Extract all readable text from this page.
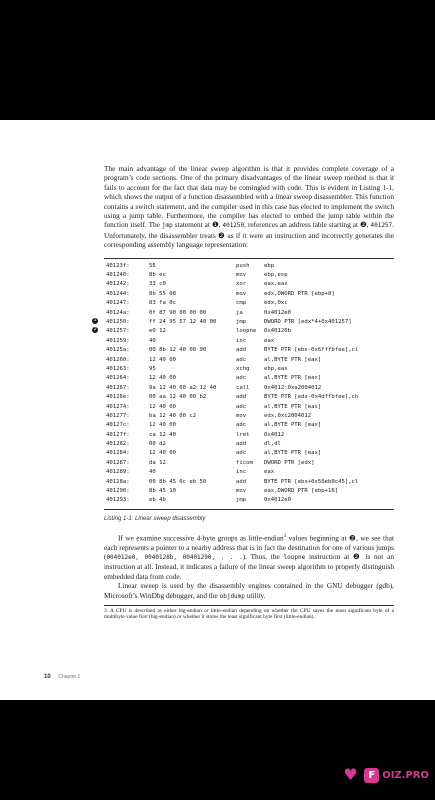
The main advantage of the linear sweep algorithm is that it provides complete coverage of a program’s code sections. One of the primary disadvantages of the linear sweep method is that it fails to account for the fact that data may be comingled with code. This is evident in Listing 1-1, which shows the output of a function disassembled with a linear sweep disassembler. This function contains a switch statement, and the compiler used in this case has elected to implement the switch using a jump table. Furthermore, the compiler has elected to embed the jump table within the function itself. The jmp statement at ❶, 401250, references an address table starting at ❷, 401257. Unfortunately, the disassembler treats ❷ as if it were an instruction and incorrectly generates the corresponding assembly language representation:

40123f:	55	push	ebp
401240:	8b ec	mov	ebp,esp
401242:	33 c0	xor	eax,eax
401244:	8b 55 08	mov	edx,DWORD PTR [ebp+8]
401247:	83 fa 0c	cmp	edx,0xc
40124a:	0f 87 90 00 00 00	ja	0x4012e0
401250:	ff 24 95 57 12 40 00	jmp	DWORD PTR [edx*4+0x401257]
1
401257:	e0 12	loopne 0x40126b
2
401259:	40	inc	eax
40125a:	00 8b 12 40 00 90	add	BYTE PTR [ebx-0x6fffbfee],cl
401260:	12 40 00	adc	al,BYTE PTR [eax]
401263:	95	xchg	ebp,eax
401264:	12 40 00	adc	al,BYTE PTR [eax]
401267:	9a 12 40 00 a2 12 40	call	0x4012:0xa2004012
40126e:	00 aa 12 40 00 b2	add	BYTE PTR [edx-0x4dffbfee],ch
401274:	12 40 00	adc	al,BYTE PTR [eax]
401277:	ba 12 40 00 c2	mov	edx,0xc2004012
40127c:	12 40 00	adc	al,BYTE PTR [eax]
40127f:	ca 12 40	lret	0x4012
401282:	00 d2	add	dl,dl
401284:	12 40 00	adc	al,BYTE PTR [eax]
401287:	da 12	ficom DWORD PTR [edx]
401289:	40	inc	eax
40128a:	00 8b 45 0c eb 50	add	BYTE PTR [ebx+0x50eb0c45],cl
401290:	8b 45 10	mov	eax,DWORD PTR [ebp+16]
401293:	eb 4b	jmp	0x4012e0
Listing 1-1: Linear sweep disassembly

If we examine successive 4-byte groups as little-endian$^3$ values beginning at ❷, we see that each represents a pointer to a nearby address that is in fact the destination for one of various jumps (004012e0, 0040128b, 00401290, . . .). Thus, the loopne instruction at ❷ is not an instruction at all. Instead, it indicates a failure of the linear sweep algorithm to properly distinguish embedded data from code.

Linear sweep is used by the disassembly engines contained in the GNU debugger (gdb), Microsoft’s WinDbg debugger, and the objdump utility.

3. A CPU is described as either big-endian or little-endian depending on whether the CPU saves the most significant byte of a multibyte value first (big-endian) or whether it stores the least significant byte first (little-endian).

10 Chapter 1
♥	F OIZ.PRO
